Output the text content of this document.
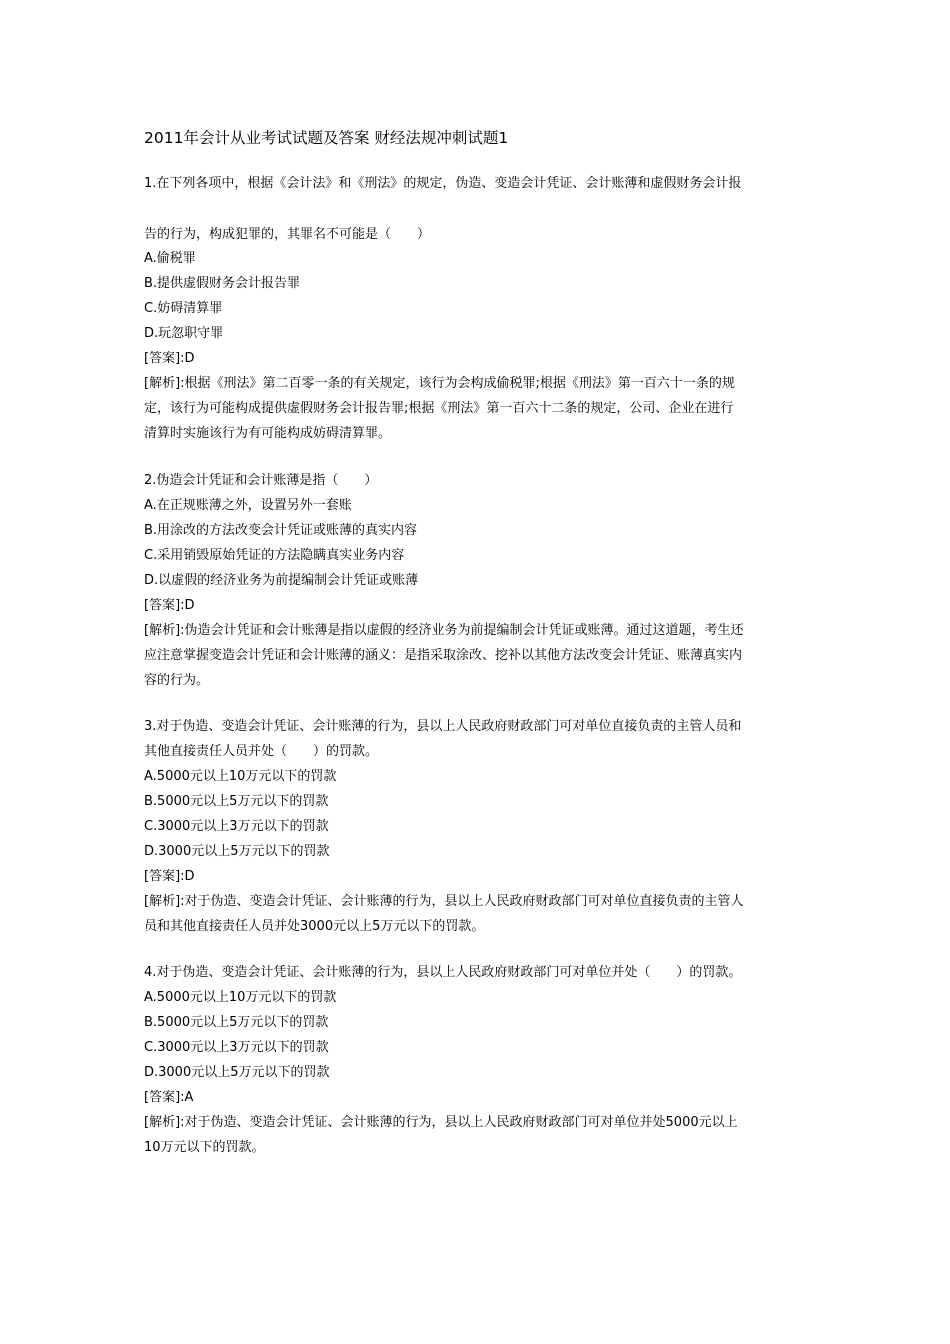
2011年会计从业考试试题及答案 财经法规冲刺试题1
1.在下列各项中，根据《会计法》和《刑法》的规定，伪造、变造会计凭证、会计账薄和虚假财务会计报
告的行为，构成犯罪的，其罪名不可能是（　　）
A.偷税罪
B.提供虚假财务会计报告罪
C.妨碍清算罪
D.玩忽职守罪
[答案]:D
[解析]:根据《刑法》第二百零一条的有关规定，该行为会构成偷税罪;根据《刑法》第一百六十一条的规
定，该行为可能构成提供虚假财务会计报告罪;根据《刑法》第一百六十二条的规定，公司、企业在进行
清算时实施该行为有可能构成妨碍清算罪。
2.伪造会计凭证和会计账薄是指（　　）
A.在正规账薄之外，设置另外一套账
B.用涂改的方法改变会计凭证或账薄的真实内容
C.采用销毁原始凭证的方法隐瞒真实业务内容
D.以虚假的经济业务为前提编制会计凭证或账薄
[答案]:D
[解析]:伪造会计凭证和会计账薄是指以虚假的经济业务为前提编制会计凭证或账薄。通过这道题，考生还
应注意掌握变造会计凭证和会计账薄的涵义：是指采取涂改、挖补以其他方法改变会计凭证、账薄真实内
容的行为。
3.对于伪造、变造会计凭证、会计账薄的行为，县以上人民政府财政部门可对单位直接负责的主管人员和
其他直接责任人员并处（　　）的罚款。
A.5000元以上10万元以下的罚款
B.5000元以上5万元以下的罚款
C.3000元以上3万元以下的罚款
D.3000元以上5万元以下的罚款
[答案]:D
[解析]:对于伪造、变造会计凭证、会计账薄的行为，县以上人民政府财政部门可对单位直接负责的主管人
员和其他直接责任人员并处3000元以上5万元以下的罚款。
4.对于伪造、变造会计凭证、会计账薄的行为，县以上人民政府财政部门可对单位并处（　　）的罚款。
A.5000元以上10万元以下的罚款
B.5000元以上5万元以下的罚款
C.3000元以上3万元以下的罚款
D.3000元以上5万元以下的罚款
[答案]:A
[解析]:对于伪造、变造会计凭证、会计账薄的行为，县以上人民政府财政部门可对单位并处5000元以上
10万元以下的罚款。
